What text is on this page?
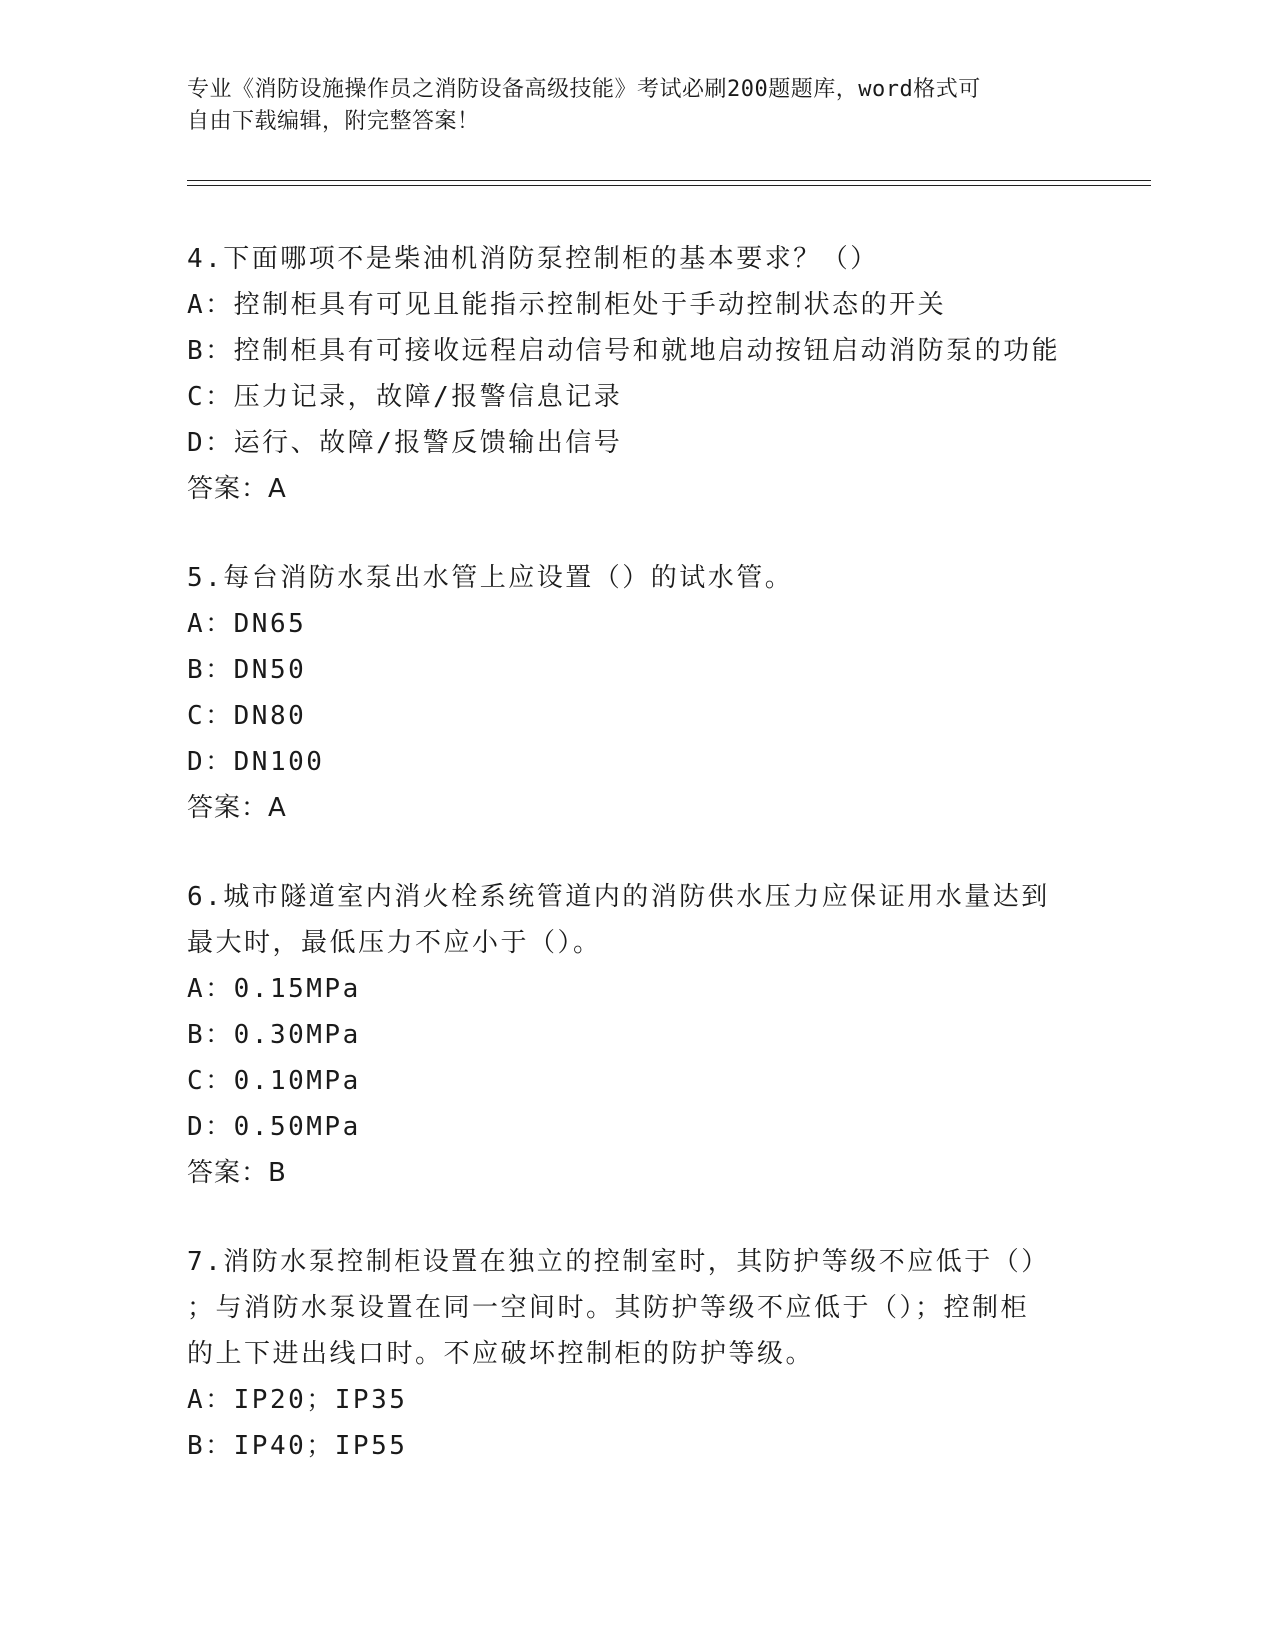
专业《消防设施操作员之消防设备高级技能》考试必刷200题题库，word格式可
自由下载编辑，附完整答案！
4.下面哪项不是柴油机消防泵控制柜的基本要求？（）
A：控制柜具有可见且能指示控制柜处于手动控制状态的开关
B：控制柜具有可接收远程启动信号和就地启动按钮启动消防泵的功能
C：压力记录，故障/报警信息记录
D：运行、故障/报警反馈输出信号
答案：A
5.每台消防水泵出水管上应设置（）的试水管。
A：DN65
B：DN50
C：DN80
D：DN100
答案：A
6.城市隧道室内消火栓系统管道内的消防供水压力应保证用水量达到
最大时，最低压力不应小于（）。
A：0.15MPa
B：0.30MPa
C：0.10MPa
D：0.50MPa
答案：B
7.消防水泵控制柜设置在独立的控制室时，其防护等级不应低于（）
；与消防水泵设置在同一空间时。其防护等级不应低于（）；控制柜
的上下进出线口时。不应破坏控制柜的防护等级。
A：IP20；IP35
B：IP40；IP55
